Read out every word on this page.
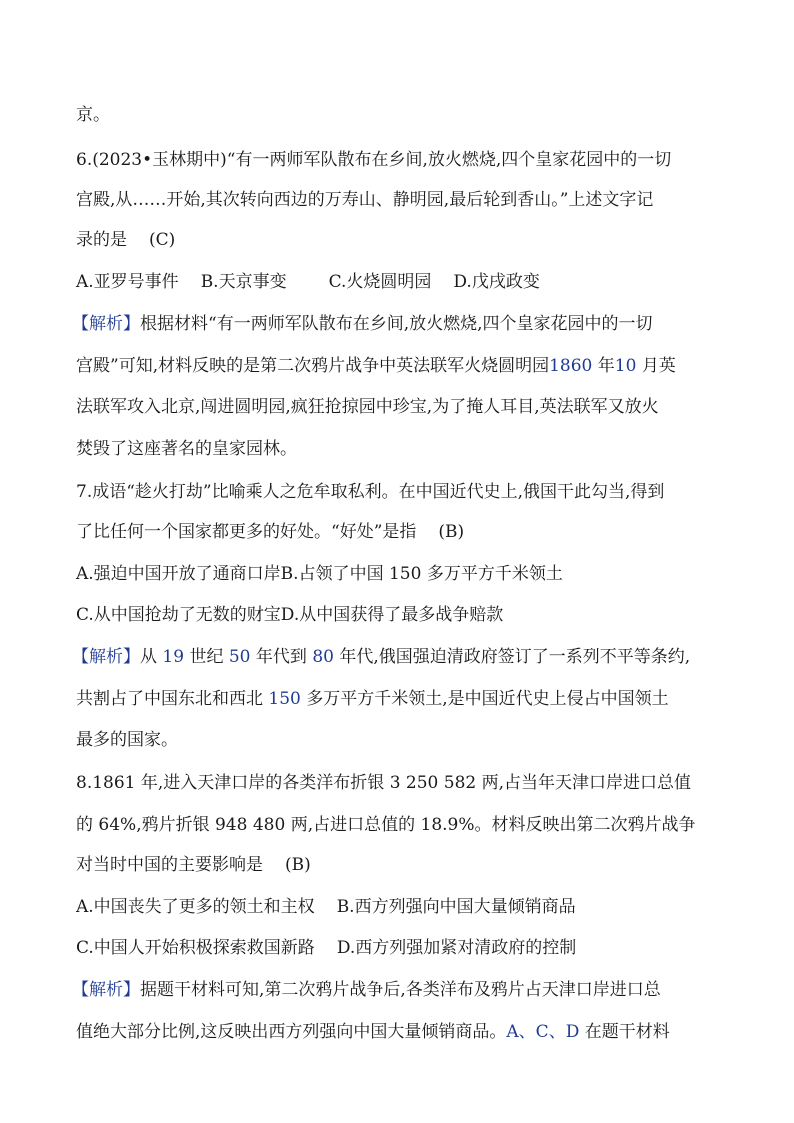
京。
6.(2023•玉林期中)“有一两师军队散布在乡间,放火燃烧,四个皇家花园中的一切
宫殿,从……开始,其次转向西边的万寿山、静明园,最后轮到香山。”上述文字记
录的是 (C)
A.亚罗号事件 B.天京事变 C.火烧圆明园 D.戊戌政变
【解析】根据材料“有一两师军队散布在乡间,放火燃烧,四个皇家花园中的一切
宫殿”可知,材料反映的是第二次鸦片战争中英法联军火烧圆明园1860 年10 月英
法联军攻入北京,闯进圆明园,疯狂抢掠园中珍宝,为了掩人耳目,英法联军又放火
焚毁了这座著名的皇家园林。
7.成语“趁火打劫”比喻乘人之危牟取私利。在中国近代史上,俄国干此勾当,得到
了比任何一个国家都更多的好处。“好处”是指 (B)
A.强迫中国开放了通商口岸B.占领了中国 150 多万平方千米领土
C.从中国抢劫了无数的财宝D.从中国获得了最多战争赔款
【解析】从 19 世纪 50 年代到 80 年代,俄国强迫清政府签订了一系列不平等条约,
共割占了中国东北和西北 150 多万平方千米领土,是中国近代史上侵占中国领土
最多的国家。
8.1861 年,进入天津口岸的各类洋布折银 3 250 582 两,占当年天津口岸进口总值
的 64%,鸦片折银 948 480 两,占进口总值的 18.9%。材料反映出第二次鸦片战争
对当时中国的主要影响是 (B)
A.中国丧失了更多的领土和主权 B.西方列强向中国大量倾销商品
C.中国人开始积极探索救国新路 D.西方列强加紧对清政府的控制
【解析】据题干材料可知,第二次鸦片战争后,各类洋布及鸦片占天津口岸进口总
值绝大部分比例,这反映出西方列强向中国大量倾销商品。A、C、D 在题干材料
